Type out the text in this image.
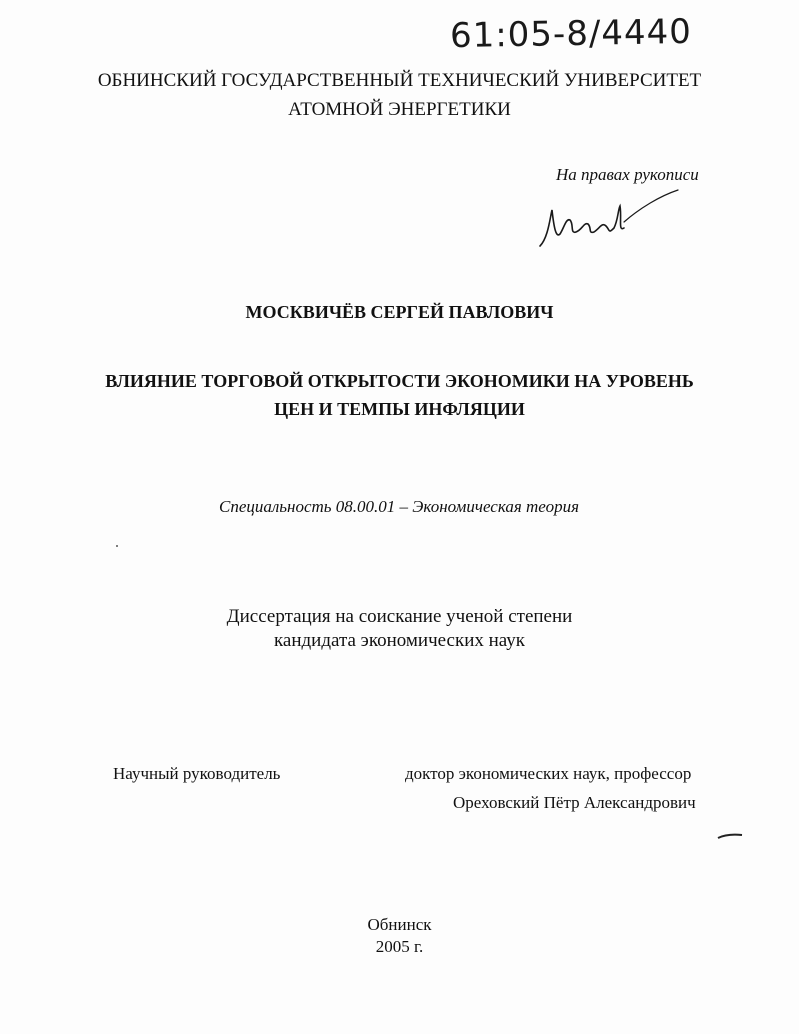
61:05-8/4440
ОБНИНСКИЙ ГОСУДАРСТВЕННЫЙ ТЕХНИЧЕСКИЙ УНИВЕРСИТЕТ
АТОМНОЙ ЭНЕРГЕТИКИ
На правах рукописи
МОСКВИЧЁВ СЕРГЕЙ ПАВЛОВИЧ
ВЛИЯНИЕ ТОРГОВОЙ ОТКРЫТОСТИ ЭКОНОМИКИ НА УРОВЕНЬ
ЦЕН И ТЕМПЫ ИНФЛЯЦИИ
Специальность 08.00.01 – Экономическая теория
Диссертация на соискание ученой степени
кандидата экономических наук
Научный руководитель	доктор экономических наук, профессор
Ореховский Пётр Александрович
Обнинск
2005 г.
